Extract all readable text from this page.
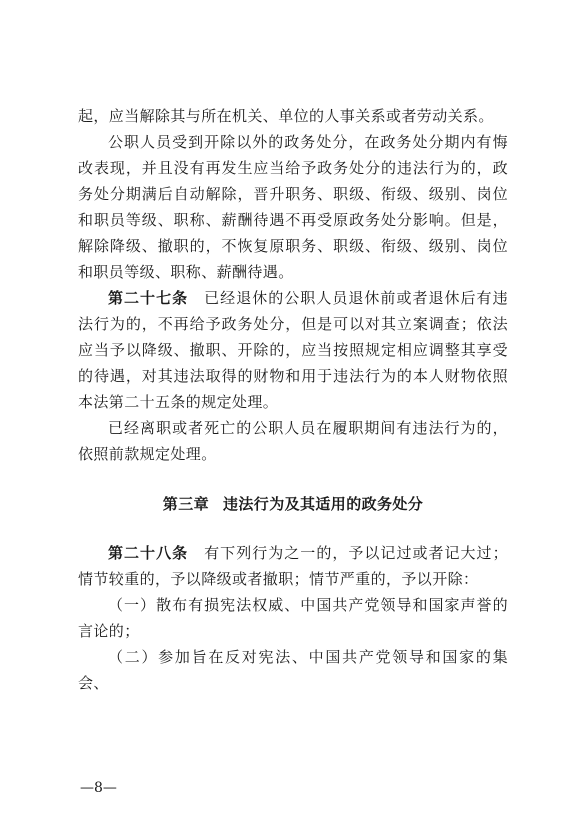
起，应当解除其与所在机关、单位的人事关系或者劳动关系。

公职人员受到开除以外的政务处分，在政务处分期内有悔改表现，并且没有再发生应当给予政务处分的违法行为的，政务处分期满后自动解除，晋升职务、职级、衔级、级别、岗位和职员等级、职称、薪酬待遇不再受原政务处分影响。但是，解除降级、撤职的，不恢复原职务、职级、衔级、级别、岗位和职员等级、职称、薪酬待遇。

第二十七条　 已经退休的公职人员退休前或者退休后有违法行为的，不再给予政务处分，但是可以对其立案调查；依法应当予以降级、撤职、开除的，应当按照规定相应调整其享受的待遇，对其违法取得的财物和用于违法行为的本人财物依照本法第二十五条的规定处理。

已经离职或者死亡的公职人员在履职期间有违法行为的，依照前款规定处理。

第三章 违法行为及其适用的政务处分

第二十八条　 有下列行为之一的，予以记过或者记大过；情节较重的，予以降级或者撤职；情节严重的，予以开除：

（一）散布有损宪法权威、中国共产党领导和国家声誉的言论的；

（二）参加旨在反对宪法、中国共产党领导和国家的集会、

—8—
